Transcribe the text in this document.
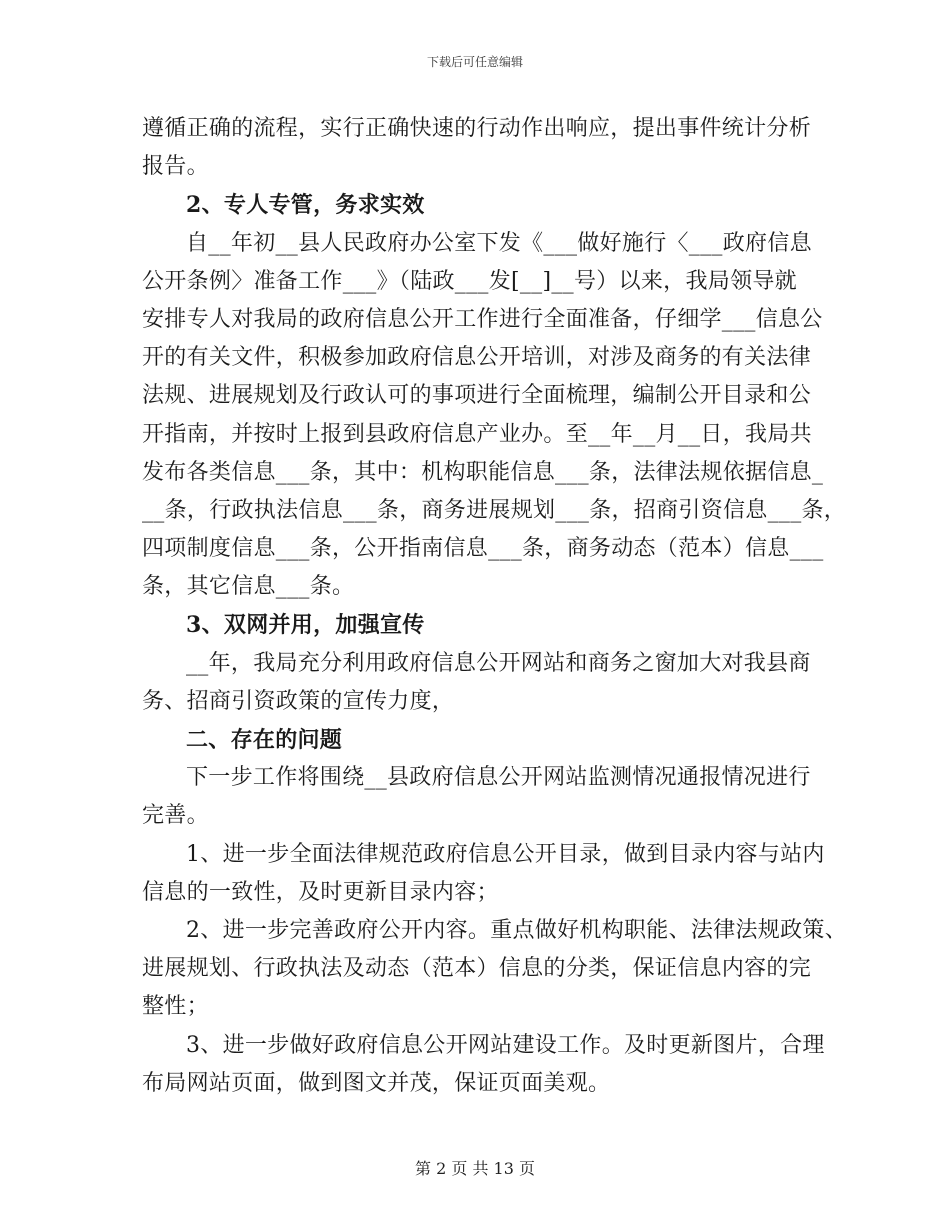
下载后可任意编辑
遵循正确的流程，实行正确快速的行动作出响应，提出事件统计分析
报告。
2、专人专管，务求实效
自__年初__县人民政府办公室下发《___做好施行〈___政府信息
公开条例〉准备工作___》（陆政___发[__]__号）以来，我局领导就
安排专人对我局的政府信息公开工作进行全面准备，仔细学___信息公
开的有关文件，积极参加政府信息公开培训，对涉及商务的有关法律
法规、进展规划及行政认可的事项进行全面梳理，编制公开目录和公
开指南，并按时上报到县政府信息产业办。至__年__月__日，我局共
发布各类信息___条，其中：机构职能信息___条，法律法规依据信息_
__条，行政执法信息___条，商务进展规划___条，招商引资信息___条，
四项制度信息___条，公开指南信息___条，商务动态（范本）信息___
条，其它信息___条。
3、双网并用，加强宣传
__年，我局充分利用政府信息公开网站和商务之窗加大对我县商
务、招商引资政策的宣传力度，
二、存在的问题
下一步工作将围绕__县政府信息公开网站监测情况通报情况进行
完善。
1、进一步全面法律规范政府信息公开目录，做到目录内容与站内
信息的一致性，及时更新目录内容；
2、进一步完善政府公开内容。重点做好机构职能、法律法规政策、
进展规划、行政执法及动态（范本）信息的分类，保证信息内容的完
整性；
3、进一步做好政府信息公开网站建设工作。及时更新图片，合理
布局网站页面，做到图文并茂，保证页面美观。
第 2 页 共 13 页
